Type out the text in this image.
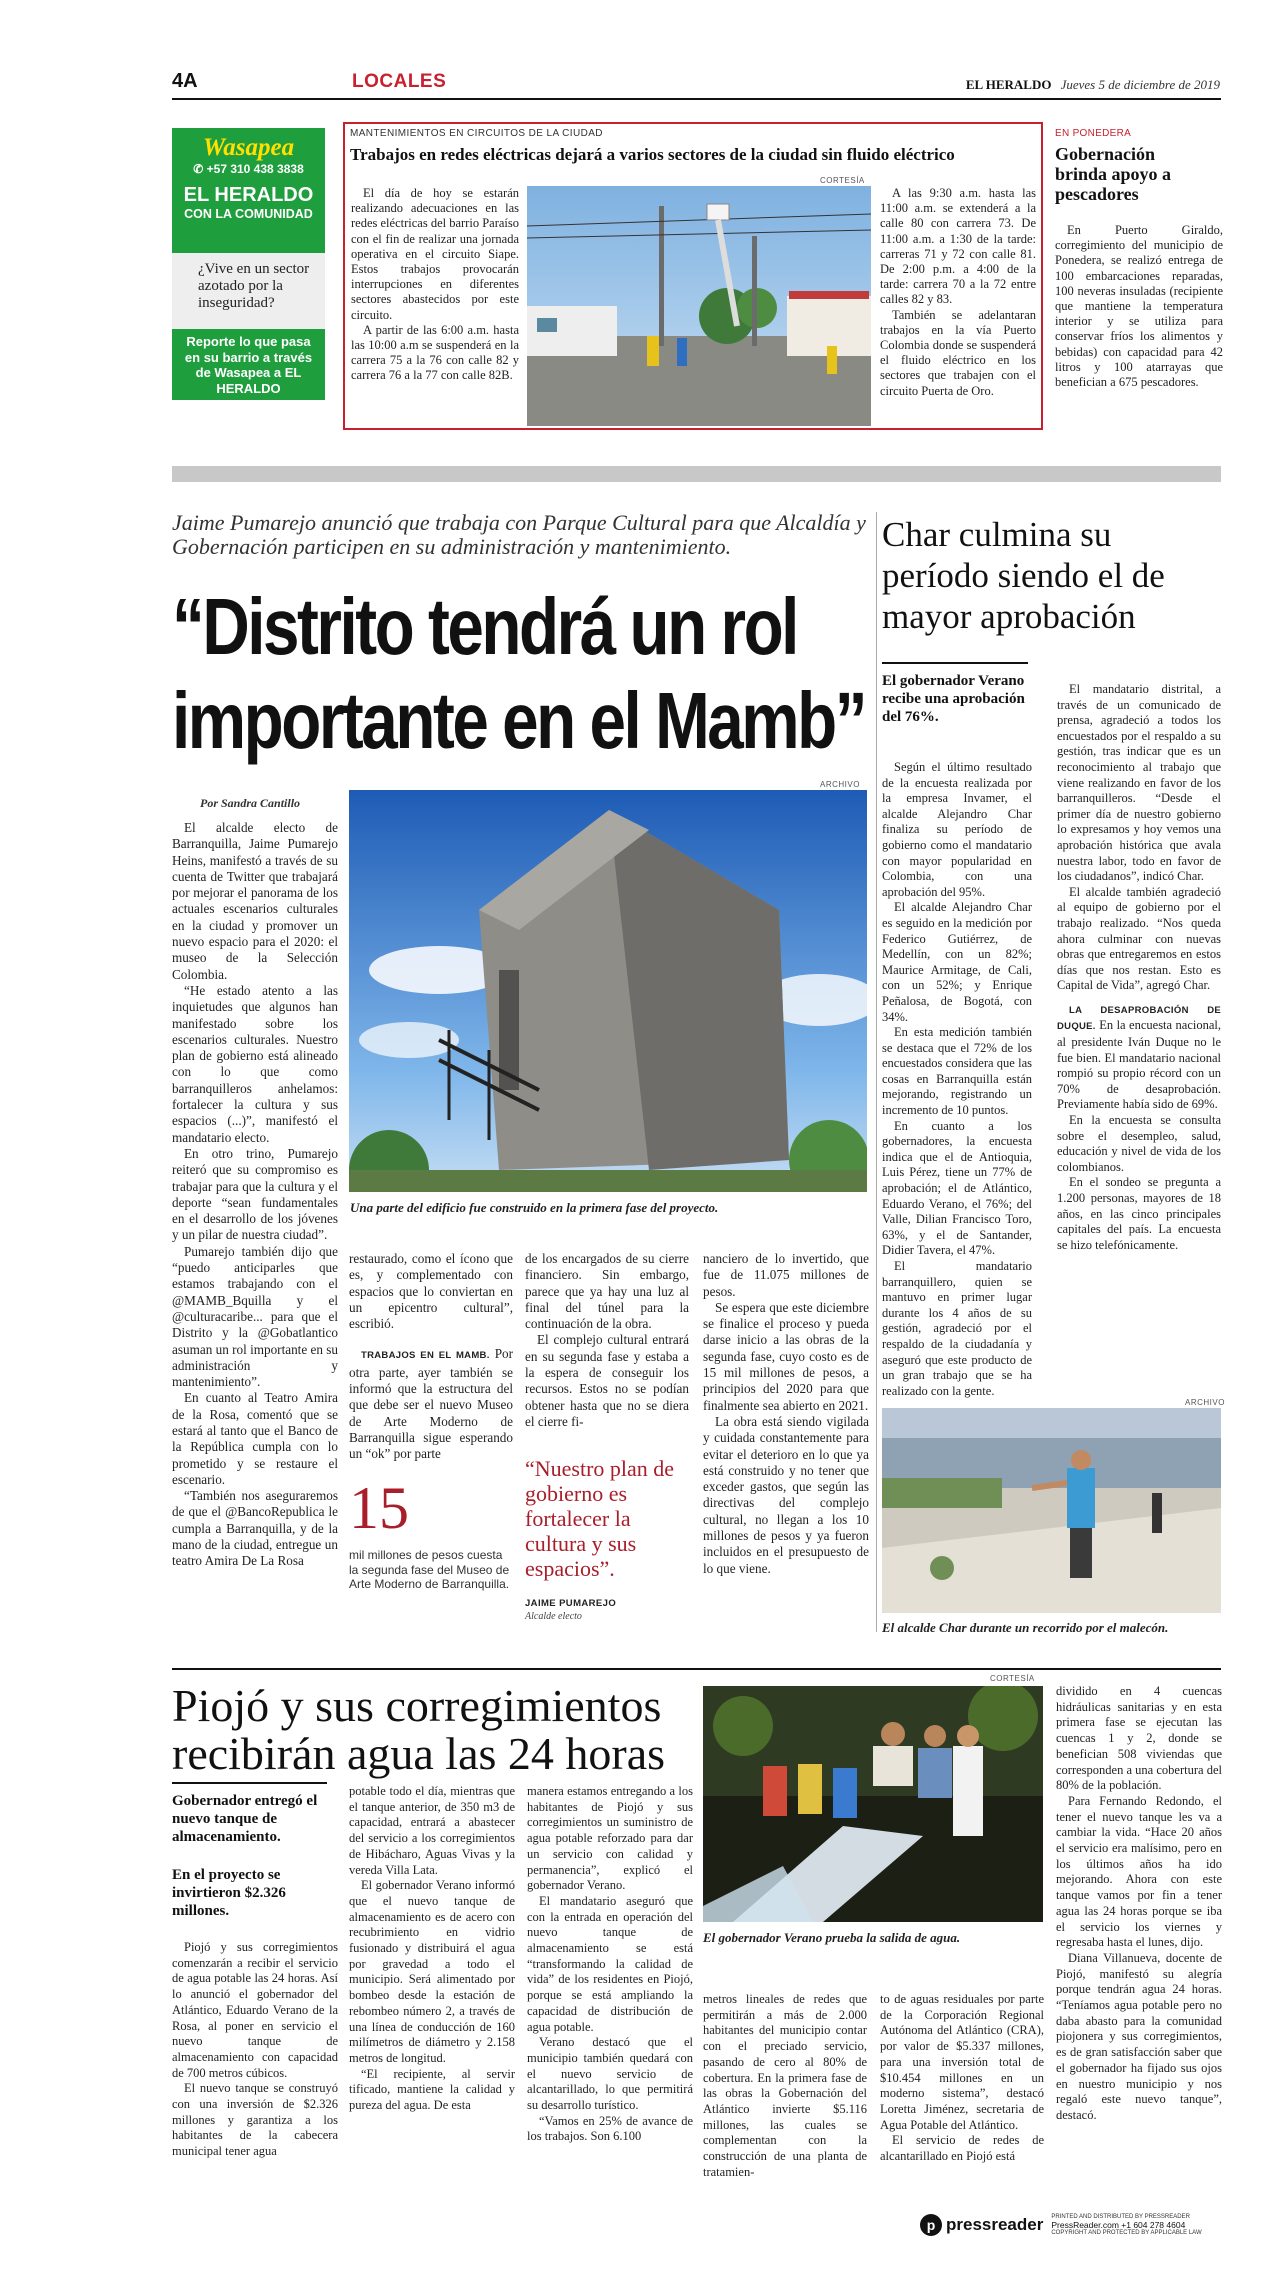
4A	LOCALES	EL HERALDO Jueves 5 de diciembre de 2019
Wasapea
✆ +57 310 438 3838
EL HERALDO
CON LA COMUNIDAD
¿Vive en un sector azotado por la inseguridad?
Reporte lo que pasa en su barrio a través de Wasapea a EL HERALDO
MANTENIMIENTOS EN CIRCUITOS DE LA CIUDAD
Trabajos en redes eléctricas dejará a varios sectores de la ciudad sin fluido eléctrico
CORTESÍA

El día de hoy se estarán realizando adecuaciones en las redes eléctricas del barrio Paraíso con el fin de realizar una jornada operativa en el circuito Siape. Estos trabajos provocarán interrupciones en diferentes sectores abastecidos por este circuito.

A partir de las 6:00 a.m. hasta las 10:00 a.m se suspenderá en la carrera 75 a la 76 con calle 82 y carrera 76 a la 77 con calle 82B.

A las 9:30 a.m. hasta las 11:00 a.m. se extenderá a la calle 80 con carrera 73. De 11:00 a.m. a 1:30 de la tarde: carreras 71 y 72 con calle 81. De 2:00 p.m. a 4:00 de la tarde: carrera 70 a la 72 entre calles 82 y 83.

También se adelantaran trabajos en la vía Puerto Colombia donde se suspenderá el fluido eléctrico en los sectores que trabajen con el circuito Puerta de Oro.

EN PONEDERA
Gobernación brinda apoyo a pescadores

En Puerto Giraldo, corregimiento del municipio de Ponedera, se realizó entrega de 100 embarcaciones reparadas, 100 neveras insuladas (recipiente que mantiene la temperatura interior y se utiliza para conservar fríos los alimentos y bebidas) con capacidad para 42 litros y 100 atarrayas que benefician a 675 pescadores.

Jaime Pumarejo anunció que trabaja con Parque Cultural para que Alcaldía y Gobernación participen en su administración y mantenimiento.
“Distrito tendrá un rol
importante en el Mamb”
Por Sandra Cantillo
ARCHIVO
Una parte del edificio fue construido en la primera fase del proyecto.

El alcalde electo de Barranquilla, Jaime Pumarejo Heins, manifestó a través de su cuenta de Twitter que trabajará por mejorar el panorama de los actuales escenarios culturales en la ciudad y promover un nuevo espacio para el 2020: el museo de la Selección Colombia.

“He estado atento a las inquietudes que algunos han manifestado sobre los escenarios culturales. Nuestro plan de gobierno está alineado con lo que como barranquilleros anhelamos: fortalecer la cultura y sus espacios (...)”, manifestó el mandatario electo.

En otro trino, Pumarejo reiteró que su compromiso es trabajar para que la cultura y el deporte “sean fundamentales en el desarrollo de los jóvenes y un pilar de nuestra ciudad”.

Pumarejo también dijo que “puedo anticiparles que estamos trabajando con el @MAMB_Bquilla y el @culturacaribe... para que el Distrito y la @Gobatlantico asuman un rol importante en su administración y mantenimiento”.

En cuanto al Teatro Amira de la Rosa, comentó que se estará al tanto que el Banco de la República cumpla con lo prometido y se restaure el escenario.

“También nos aseguraremos de que el @BancoRepublica le cumpla a Barranquilla, y de la mano de la ciudad, entregue un teatro Amira De La Rosa

restaurado, como el ícono que es, y complementado con espacios que lo conviertan en un epicentro cultural”, escribió.

TRABAJOS EN EL MAMB. Por otra parte, ayer también se informó que la estructura del que debe ser el nuevo Museo de Arte Moderno de Barranquilla sigue esperando un “ok” por parte

de los encargados de su cierre financiero. Sin embargo, parece que ya hay una luz al final del túnel para la continuación de la obra.

El complejo cultural entrará en su segunda fase y estaba a la espera de conseguir los recursos. Estos no se podían obtener hasta que no se diera el cierre fi-

nanciero de lo invertido, que fue de 11.075 millones de pesos.

Se espera que este diciembre se finalice el proceso y pueda darse inicio a las obras de la segunda fase, cuyo costo es de 15 mil millones de pesos, a principios del 2020 para que finalmente sea abierto en 2021.

La obra está siendo vigilada y cuidada constantemente para evitar el deterioro en lo que ya está construido y no tener que exceder gastos, que según las directivas del complejo cultural, no llegan a los 10 millones de pesos y ya fueron incluidos en el presupuesto de lo que viene.

15
mil millones de pesos cuesta la segunda fase del Museo de Arte Moderno de Barranquilla.
“Nuestro plan de gobierno es fortalecer la cultura y sus espacios”.
JAIME PUMAREJO
Alcalde electo
Char culmina su período siendo el de mayor aprobación
El gobernador Verano recibe una aprobación del 76%.

Según el último resultado de la encuesta realizada por la empresa Invamer, el alcalde Alejandro Char finaliza su período de gobierno como el mandatario con mayor popularidad en Colombia, con una aprobación del 95%.

El alcalde Alejandro Char es seguido en la medición por Federico Gutiérrez, de Medellín, con un 82%; Maurice Armitage, de Cali, con un 52%; y Enrique Peñalosa, de Bogotá, con 34%.

En esta medición también se destaca que el 72% de los encuestados considera que las cosas en Barranquilla están mejorando, registrando un incremento de 10 puntos.

En cuanto a los gobernadores, la encuesta indica que el de Antioquia, Luis Pérez, tiene un 77% de aprobación; el de Atlántico, Eduardo Verano, el 76%; del Valle, Dilian Francisco Toro, 63%, y el de Santander, Didier Tavera, el 47%.

El mandatario barranquillero, quien se mantuvo en primer lugar durante los 4 años de su gestión, agradeció por el respaldo de la ciudadanía y aseguró que este producto de un gran trabajo que se ha realizado con la gente.

El mandatario distrital, a través de un comunicado de prensa, agradeció a todos los encuestados por el respaldo a su gestión, tras indicar que es un reconocimiento al trabajo que viene realizando en favor de los barranquilleros. “Desde el primer día de nuestro gobierno lo expresamos y hoy vemos una aprobación histórica que avala nuestra labor, todo en favor de los ciudadanos”, indicó Char.

El alcalde también agradeció al equipo de gobierno por el trabajo realizado. “Nos queda ahora culminar con nuevas obras que entregaremos en estos días que nos restan. Esto es Capital de Vida”, agregó Char.

LA DESAPROBACIÓN DE DUQUE. En la encuesta nacional, al presidente Iván Duque no le fue bien. El mandatario nacional rompió su propio récord con un 70% de desaprobación. Previamente había sido de 69%.

En la encuesta se consulta sobre el desempleo, salud, educación y nivel de vida de los colombianos.

En el sondeo se pregunta a 1.200 personas, mayores de 18 años, en las cinco principales capitales del país. La encuesta se hizo telefónicamente.

ARCHIVO
El alcalde Char durante un recorrido por el malecón.
Piojó y sus corregimientos
recibirán agua las 24 horas
Gobernador entregó el nuevo tanque de almacenamiento.
En el proyecto se invirtieron $2.326 millones.

Piojó y sus corregimientos comenzarán a recibir el servicio de agua potable las 24 horas. Así lo anunció el gobernador del Atlántico, Eduardo Verano de la Rosa, al poner en servicio el nuevo tanque de almacenamiento con capacidad de 700 metros cúbicos.

El nuevo tanque se construyó con una inversión de $2.326 millones y garantiza a los habitantes de la cabecera municipal tener agua

potable todo el día, mientras que el tanque anterior, de 350 m3 de capacidad, entrará a abastecer del servicio a los corregimientos de Hibácharo, Aguas Vivas y la vereda Villa Lata.

El gobernador Verano informó que el nuevo tanque de almacenamiento es de acero con recubrimiento en vidrio fusionado y distribuirá el agua por gravedad a todo el municipio. Será alimentado por bombeo desde la estación de rebombeo número 2, a través de una línea de conducción de 160 milímetros de diámetro y 2.158 metros de longitud.

“El recipiente, al servir tificado, mantiene la calidad y pureza del agua. De esta

manera estamos entregando a los habitantes de Piojó y sus corregimientos un suministro de agua potable reforzado para dar un servicio con calidad y permanencia”, explicó el gobernador Verano.

El mandatario aseguró que con la entrada en operación del nuevo tanque de almacenamiento se está “transformando la calidad de vida” de los residentes en Piojó, porque se está ampliando la capacidad de distribución de agua potable.

Verano destacó que el municipio también quedará con el nuevo servicio de alcantarillado, lo que permitirá su desarrollo turístico.

“Vamos en 25% de avance de los trabajos. Son 6.100

CORTESÍA
El gobernador Verano prueba la salida de agua.

metros lineales de redes que permitirán a más de 2.000 habitantes del municipio contar con el preciado servicio, pasando de cero al 80% de cobertura. En la primera fase de las obras la Gobernación del Atlántico invierte $5.116 millones, las cuales se complementan con la construcción de una planta de tratamien-

to de aguas residuales por parte de la Corporación Regional Autónoma del Atlántico (CRA), por valor de $5.337 millones, para una inversión total de $10.454 millones en un moderno sistema”, destacó Loretta Jiménez, secretaria de Agua Potable del Atlántico.

El servicio de redes de alcantarillado en Piojó está

dividido en 4 cuencas hidráulicas sanitarias y en esta primera fase se ejecutan las cuencas 1 y 2, donde se benefician 508 viviendas que corresponden a una cobertura del 80% de la población.

Para Fernando Redondo, el tener el nuevo tanque les va a cambiar la vida. “Hace 20 años el servicio era malísimo, pero en los últimos años ha ido mejorando. Ahora con este tanque vamos por fin a tener agua las 24 horas porque se iba el servicio los viernes y regresaba hasta el lunes, dijo.

Diana Villanueva, docente de Piojó, manifestó su alegría porque tendrán agua 24 horas. “Teníamos agua potable pero no daba abasto para la comunidad piojonera y sus corregimientos, es de gran satisfacción saber que el gobernador ha fijado sus ojos en nuestro municipio y nos regaló este nuevo tanque”, destacó.

p pressreader PRINTED AND DISTRIBUTED BY PRESSREADER
PressReader.com +1 604 278 4604
COPYRIGHT AND PROTECTED BY APPLICABLE LAW
